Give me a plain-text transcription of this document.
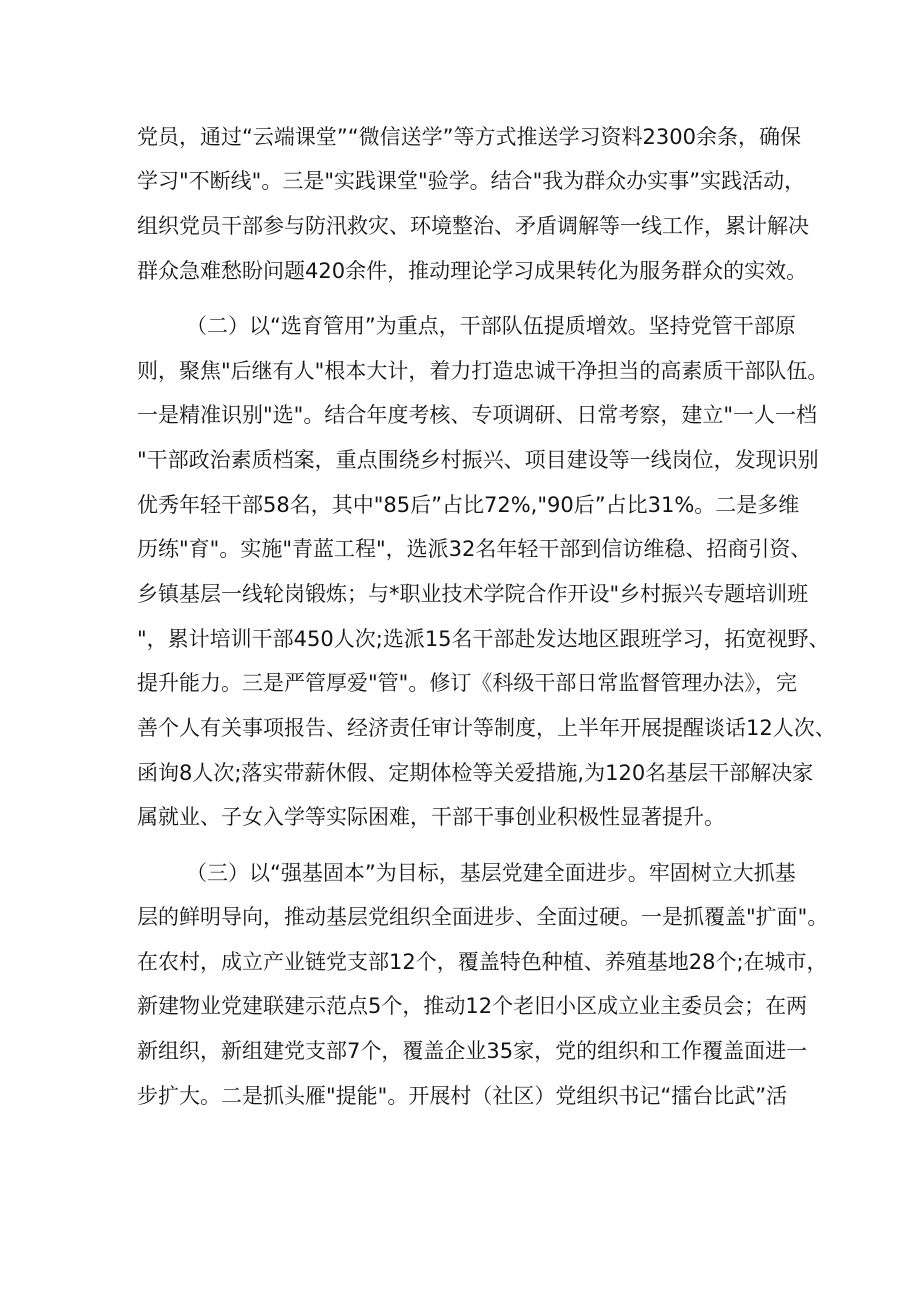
党员，通过“云端课堂”“微信送学”等方式推送学习资料2300余条，确保
学习"不断线"。三是"实践课堂"验学。结合"我为群众办实事”实践活动，
组织党员干部参与防汛救灾、环境整治、矛盾调解等一线工作，累计解决
群众急难愁盼问题420余件，推动理论学习成果转化为服务群众的实效。
（二）以“选育管用”为重点，干部队伍提质增效。坚持党管干部原
则，聚焦"后继有人"根本大计，着力打造忠诚干净担当的高素质干部队伍。
一是精准识别"选"。结合年度考核、专项调研、日常考察，建立"一人一档
"干部政治素质档案，重点围绕乡村振兴、项目建设等一线岗位，发现识别
优秀年轻干部58名，其中"85后”占比72%,"90后”占比31%。二是多维
历练"育"。实施"青蓝工程"，选派32名年轻干部到信访维稳、招商引资、
乡镇基层一线轮岗锻炼；与*职业技术学院合作开设"乡村振兴专题培训班
"，累计培训干部450人次;选派15名干部赴发达地区跟班学习，拓宽视野、
提升能力。三是严管厚爱"管"。修订《科级干部日常监督管理办法》，完
善个人有关事项报告、经济责任审计等制度，上半年开展提醒谈话12人次、
函询8人次;落实带薪休假、定期体检等关爱措施,为120名基层干部解决家
属就业、子女入学等实际困难，干部干事创业积极性显著提升。
（三）以“强基固本”为目标，基层党建全面进步。牢固树立大抓基
层的鲜明导向，推动基层党组织全面进步、全面过硬。一是抓覆盖"扩面"。
在农村，成立产业链党支部12个，覆盖特色种植、养殖基地28个;在城市，
新建物业党建联建示范点5个，推动12个老旧小区成立业主委员会；在两
新组织，新组建党支部7个，覆盖企业35家，党的组织和工作覆盖面进一
步扩大。二是抓头雁"提能"。开展村（社区）党组织书记“擂台比武”活
